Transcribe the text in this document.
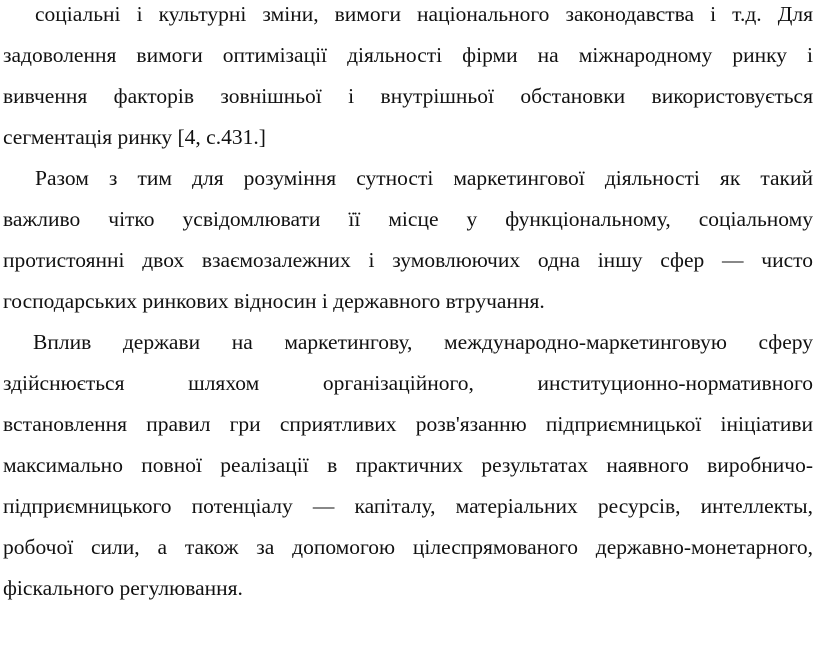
соціальні і культурні зміни, вимоги національного законодавства і т.д. Для
задоволення вимоги оптимізації діяльності фірми на міжнародному ринку і
вивчення факторів зовнішньої і внутрішньої обстановки використовується
сегментація ринку [4, с.431.]
Разом з тим для розуміння сутності маркетингової діяльності як такий
важливо чітко усвідомлювати її місце у функціональному, соціальному
протистоянні двох взаємозалежних і зумовлюючих одна іншу сфер — чисто
господарських ринкових відносин і державного втручання.
Вплив держави на маркетингову, международно-маркетинговую сферу
здійснюється шляхом організаційного, институционно-нормативного
встановлення правил гри сприятливих розв'язанню підприємницької ініціативи
максимально повної реалізації в практичних результатах наявного виробничо-
підприємницького потенціалу — капіталу, матеріальних ресурсів, интеллекты,
робочої сили, а також за допомогою цілеспрямованого державно-монетарного,
фіскального регулювання.
